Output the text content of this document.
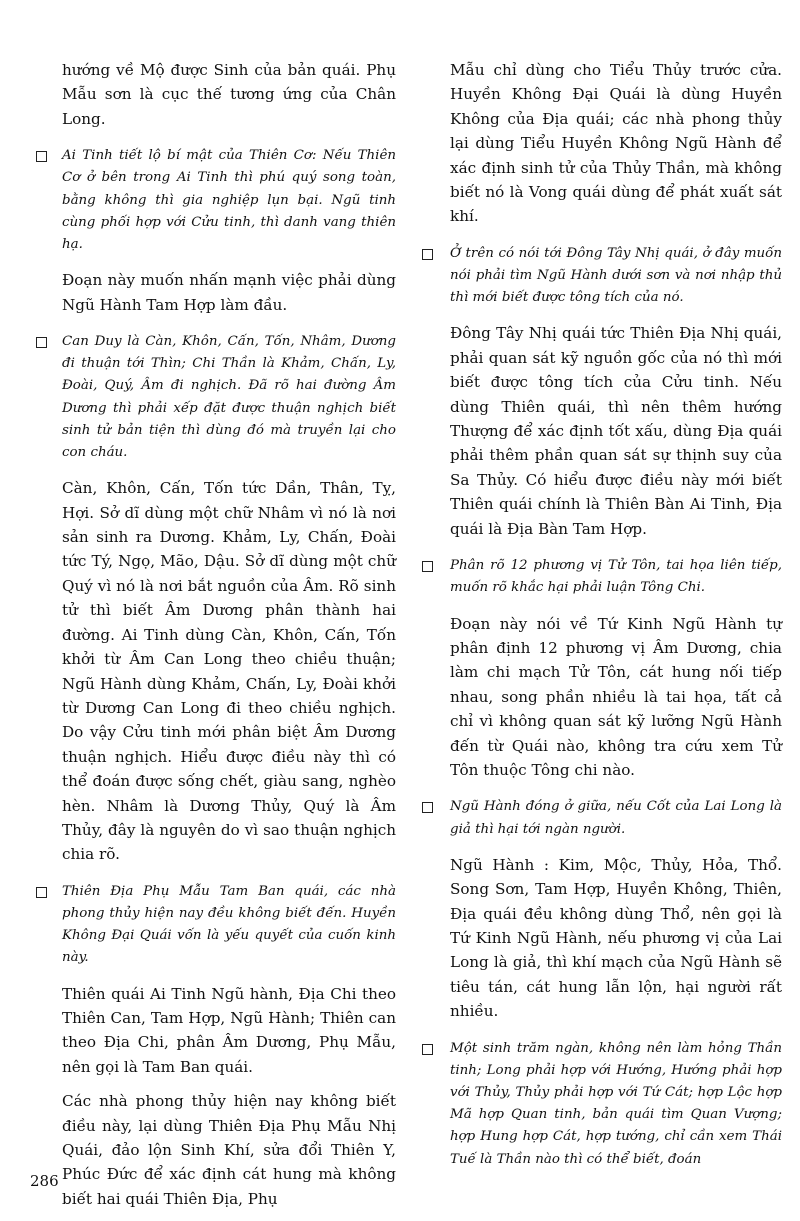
hướng về Mộ được Sinh của bản quái. Phụ Mẫu sơn là cục thế tương ứng của Chân Long.

Ai Tinh tiết lộ bí mật của Thiên Cơ: Nếu Thiên Cơ ở bên trong Ai Tinh thì phú quý song toàn, bằng không thì gia nghiệp lụn bại. Ngũ tinh cùng phối hợp với Cửu tinh, thì danh vang thiên hạ.

Đoạn này muốn nhấn mạnh việc phải dùng Ngũ Hành Tam Hợp làm đầu.

Can Duy là Càn, Khôn, Cấn, Tốn, Nhâm, Dương đi thuận tới Thìn; Chi Thần là Khảm, Chấn, Ly, Đoài, Quý, Âm đi nghịch. Đã rõ hai đường Âm Dương thì phải xếp đặt được thuận nghịch biết sinh tử bản tiện thì dùng đó mà truyền lại cho con cháu.

Càn, Khôn, Cấn, Tốn tức Dần, Thân, Tỵ, Hợi. Sở dĩ dùng một chữ Nhâm vì nó là nơi sản sinh ra Dương. Khảm, Ly, Chấn, Đoài tức Tý, Ngọ, Mão, Dậu. Sở dĩ dùng một chữ Quý vì nó là nơi bắt nguồn của Âm. Rõ sinh tử thì biết Âm Dương phân thành hai đường. Ai Tinh dùng Càn, Khôn, Cấn, Tốn khởi từ Âm Can Long theo chiều thuận; Ngũ Hành dùng Khảm, Chấn, Ly, Đoài khởi từ Dương Can Long đi theo chiều nghịch. Do vậy Cửu tinh mới phân biệt Âm Dương thuận nghịch. Hiểu được điều này thì có thể đoán được sống chết, giàu sang, nghèo hèn. Nhâm là Dương Thủy, Quý là Âm Thủy, đây là nguyên do vì sao thuận nghịch chia rõ.

Thiên Địa Phụ Mẫu Tam Ban quái, các nhà phong thủy hiện nay đều không biết đến. Huyền Không Đại Quái vốn là yếu quyết của cuốn kinh này.

Thiên quái Ai Tinh Ngũ hành, Địa Chi theo Thiên Can, Tam Hợp, Ngũ Hành; Thiên can theo Địa Chi, phân Âm Dương, Phụ Mẫu, nên gọi là Tam Ban quái.

Các nhà phong thủy hiện nay không biết điều này, lại dùng Thiên Địa Phụ Mẫu Nhị Quái, đảo lộn Sinh Khí, sửa đổi Thiên Y, Phúc Đức để xác định cát hung mà không biết hai quái Thiên Địa, Phụ

Mẫu chỉ dùng cho Tiểu Thủy trước cửa. Huyền Không Đại Quái là dùng Huyền Không của Địa quái; các nhà phong thủy lại dùng Tiểu Huyền Không Ngũ Hành để xác định sinh tử của Thủy Thần, mà không biết nó là Vong quái dùng để phát xuất sát khí.

Ở trên có nói tới Đông Tây Nhị quái, ở đây muốn nói phải tìm Ngũ Hành dưới sơn và nơi nhập thủ thì mới biết được tông tích của nó.

Đông Tây Nhị quái tức Thiên Địa Nhị quái, phải quan sát kỹ nguồn gốc của nó thì mới biết được tông tích của Cửu tinh. Nếu dùng Thiên quái, thì nên thêm hướng Thượng để xác định tốt xấu, dùng Địa quái phải thêm phần quan sát sự thịnh suy của Sa Thủy. Có hiểu được điều này mới biết Thiên quái chính là Thiên Bàn Ai Tinh, Địa quái là Địa Bàn Tam Hợp.

Phân rõ 12 phương vị Tử Tôn, tai họa liên tiếp, muốn rõ khắc hại phải luận Tông Chi.

Đoạn này nói về Tứ Kinh Ngũ Hành tự phân định 12 phương vị Âm Dương, chia làm chi mạch Tử Tôn, cát hung nối tiếp nhau, song phần nhiều là tai họa, tất cả chỉ vì không quan sát kỹ lưỡng Ngũ Hành đến từ Quái nào, không tra cứu xem Tử Tôn thuộc Tông chi nào.

Ngũ Hành đóng ở giữa, nếu Cốt của Lai Long là giả thì hại tới ngàn người.

Ngũ Hành : Kim, Mộc, Thủy, Hỏa, Thổ. Song Sơn, Tam Hợp, Huyền Không, Thiên, Địa quái đều không dùng Thổ, nên gọi là Tứ Kinh Ngũ Hành, nếu phương vị của Lai Long là giả, thì khí mạch của Ngũ Hành sẽ tiêu tán, cát hung lẫn lộn, hại người rất nhiều.

Một sinh trăm ngàn, không nên làm hỏng Thần tinh; Long phải hợp với Hướng, Hướng phải hợp với Thủy, Thủy phải hợp với Tứ Cát; hợp Lộc hợp Mã hợp Quan tinh, bản quái tìm Quan Vượng; hợp Hung hợp Cát, hợp tướng, chỉ cần xem Thái Tuế là Thần nào thì có thể biết, đoán
286
